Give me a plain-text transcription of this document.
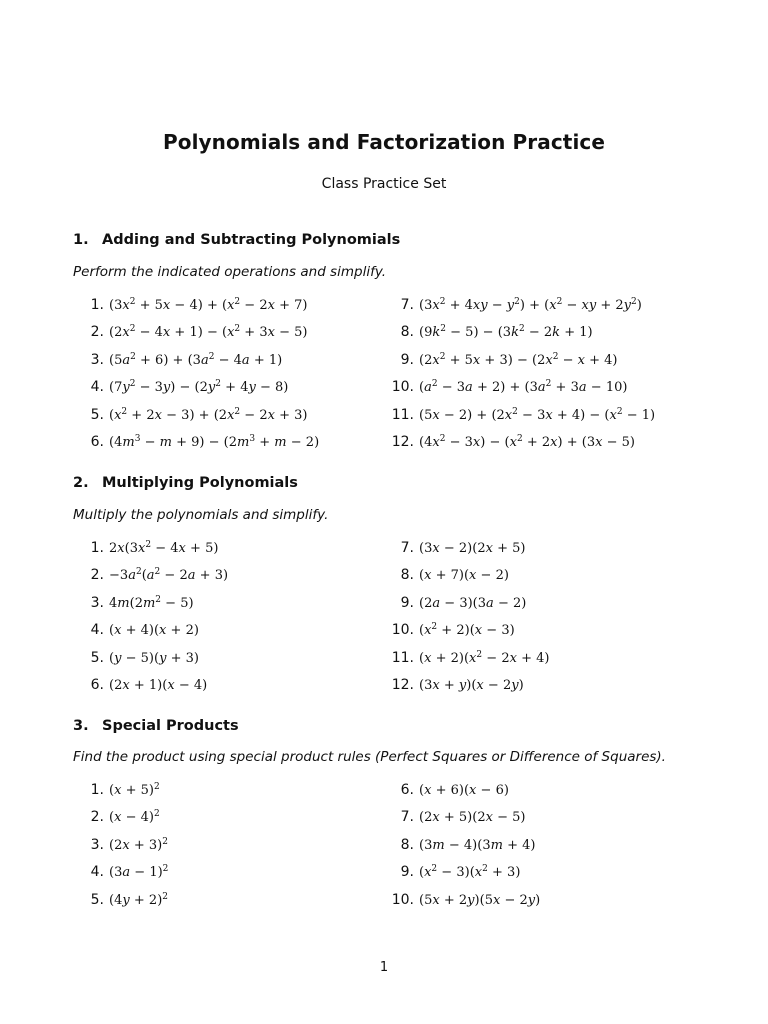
Polynomials and Factorization Practice
Class Practice Set
1. Adding and Subtracting Polynomials
Perform the indicated operations and simplify.
1. $(3x^2 + 5x - 4) + (x^2 - 2x + 7)$	7. $(3x^2 + 4xy - y^2) + (x^2$ − xy + $2y^2$)
2. $(2x^2 - 4x + 1) - (x^2 + 3x - 5)$	8. $(9k^2 - 5) - (3k^2 - 2k + 1)$
3. $(5a^2 + 6) + (3a^2 - 4a + 1)$	9. $(2x^2 + 5x + 3) - (2x^2 - x + 4)$
4. $(7y^2 - 3y) - (2y^2 + 4y - 8)$	10. $(a^2 - 3a + 2) + (3a^2 + 3a - 10)$
5. $(x^2 + 2x - 3) + (2x^2 - 2x + 3)$	11. $(5x - 2) + (2x^2 - 3x + 4) - (x^2 - 1)$
6. $(4m^3 - m + 9) - (2m^3 + m - 2)$	12. $(4x^2 - 3x) - (x^2 + 2x) + (3x - 5)$
2. Multiplying Polynomials
Multiply the polynomials and simplify.
1. $2x(3x^2 - 4x + 5)$	7. (3x − 2)(2x + 5)
2. $-3a^2(a^2 - 2a + 3)$	8. (x + 7)(x − 2)
3. $4m(2m^2 - 5)$	9. (2a − 3)(3a − 2)
4. (x + 4)(x + 2)	10. $(x^2 + 2)(x - 3)$
5. (y − 5)(y + 3)	11. $(x + 2)(x^2 - 2x + 4)$
6. (2x + 1)(x − 4)	12. (3x + y)(x − 2y)
3. Special Products
Find the product using special product rules (Perfect Squares or Difference of Squares).
1. $(x + 5)^2$	6. (x + 6)(x − 6)
2. $(x - 4)^2$	7. (2x + 5)(2x − 5)
3. $(2x + 3)^2$	8. (3m − 4)(3m + 4)
4. $(3a - 1)^2$	9. $(x^2 - 3)(x^2 + 3)$
5. $(4y + 2)^2$	10. (5x + 2y)(5x − 2y)
1
